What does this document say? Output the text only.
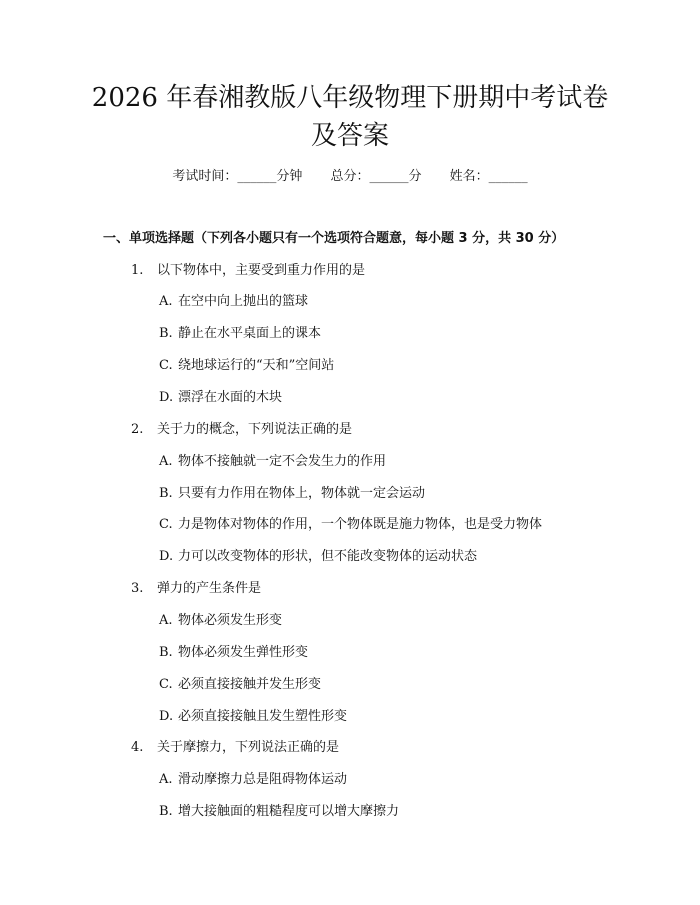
2026 年春湘教版八年级物理下册期中考试卷
及答案
考试时间：______分钟 总分：______分 姓名：______
一、单项选择题（下列各小题只有一个选项符合题意，每小题 3 分，共 30 分）
1. 以下物体中，主要受到重力作用的是
A. 在空中向上抛出的篮球
B. 静止在水平桌面上的课本
C. 绕地球运行的“天和”空间站
D. 漂浮在水面的木块
2. 关于力的概念，下列说法正确的是
A. 物体不接触就一定不会发生力的作用
B. 只要有力作用在物体上，物体就一定会运动
C. 力是物体对物体的作用，一个物体既是施力物体，也是受力物体
D. 力可以改变物体的形状，但不能改变物体的运动状态
3. 弹力的产生条件是
A. 物体必须发生形变
B. 物体必须发生弹性形变
C. 必须直接接触并发生形变
D. 必须直接接触且发生塑性形变
4. 关于摩擦力，下列说法正确的是
A. 滑动摩擦力总是阻碍物体运动
B. 增大接触面的粗糙程度可以增大摩擦力
